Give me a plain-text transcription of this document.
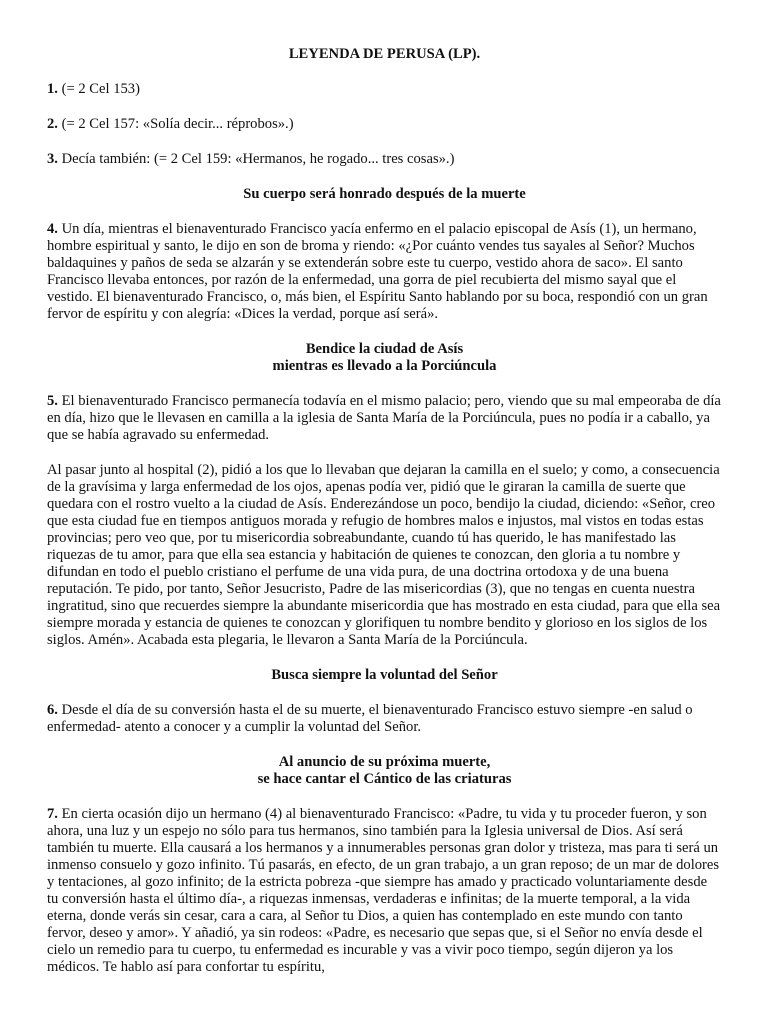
LEYENDA DE PERUSA (LP).

1. (= 2 Cel 153)

2. (= 2 Cel 157: «Solía decir... réprobos».)

3. Decía también: (= 2 Cel 159: «Hermanos, he rogado... tres cosas».)

Su cuerpo será honrado después de la muerte

4. Un día, mientras el bienaventurado Francisco yacía enfermo en el palacio episcopal de Asís (1), un hermano, hombre espiritual y santo, le dijo en son de broma y riendo: «¿Por cuánto vendes tus sayales al Señor? Muchos baldaquines y paños de seda se alzarán y se extenderán sobre este tu cuerpo, vestido ahora de saco». El santo Francisco llevaba entonces, por razón de la enfermedad, una gorra de piel recubierta del mismo sayal que el vestido. El bienaventurado Francisco, o, más bien, el Espíritu Santo hablando por su boca, respondió con un gran fervor de espíritu y con alegría: «Dices la verdad, porque así será».

Bendice la ciudad de Asís
mientras es llevado a la Porciúncula

5. El bienaventurado Francisco permanecía todavía en el mismo palacio; pero, viendo que su mal empeoraba de día en día, hizo que le llevasen en camilla a la iglesia de Santa María de la Porciúncula, pues no podía ir a caballo, ya que se había agravado su enfermedad.

Al pasar junto al hospital (2), pidió a los que lo llevaban que dejaran la camilla en el suelo; y como, a consecuencia de la gravísima y larga enfermedad de los ojos, apenas podía ver, pidió que le giraran la camilla de suerte que quedara con el rostro vuelto a la ciudad de Asís. Enderezándose un poco, bendijo la ciudad, diciendo: «Señor, creo que esta ciudad fue en tiempos antiguos morada y refugio de hombres malos e injustos, mal vistos en todas estas provincias; pero veo que, por tu misericordia sobreabundante, cuando tú has querido, le has manifestado las riquezas de tu amor, para que ella sea estancia y habitación de quienes te conozcan, den gloria a tu nombre y difundan en todo el pueblo cristiano el perfume de una vida pura, de una doctrina ortodoxa y de una buena reputación. Te pido, por tanto, Señor Jesucristo, Padre de las misericordias (3), que no tengas en cuenta nuestra ingratitud, sino que recuerdes siempre la abundante misericordia que has mostrado en esta ciudad, para que ella sea siempre morada y estancia de quienes te conozcan y glorifiquen tu nombre bendito y glorioso en los siglos de los siglos. Amén». Acabada esta plegaria, le llevaron a Santa María de la Porciúncula.

Busca siempre la voluntad del Señor

6. Desde el día de su conversión hasta el de su muerte, el bienaventurado Francisco estuvo siempre -en salud o enfermedad- atento a conocer y a cumplir la voluntad del Señor.

Al anuncio de su próxima muerte,
se hace cantar el Cántico de las criaturas

7. En cierta ocasión dijo un hermano (4) al bienaventurado Francisco: «Padre, tu vida y tu proceder fueron, y son ahora, una luz y un espejo no sólo para tus hermanos, sino también para la Iglesia universal de Dios. Así será también tu muerte. Ella causará a los hermanos y a innumerables personas gran dolor y tristeza, mas para ti será un inmenso consuelo y gozo infinito. Tú pasarás, en efecto, de un gran trabajo, a un gran reposo; de un mar de dolores y tentaciones, al gozo infinito; de la estricta pobreza -que siempre has amado y practicado voluntariamente desde tu conversión hasta el último día-, a riquezas inmensas, verdaderas e infinitas; de la muerte temporal, a la vida eterna, donde verás sin cesar, cara a cara, al Señor tu Dios, a quien has contemplado en este mundo con tanto fervor, deseo y amor». Y añadió, ya sin rodeos: «Padre, es necesario que sepas que, si el Señor no envía desde el cielo un remedio para tu cuerpo, tu enfermedad es incurable y vas a vivir poco tiempo, según dijeron ya los médicos. Te hablo así para confortar tu espíritu,
